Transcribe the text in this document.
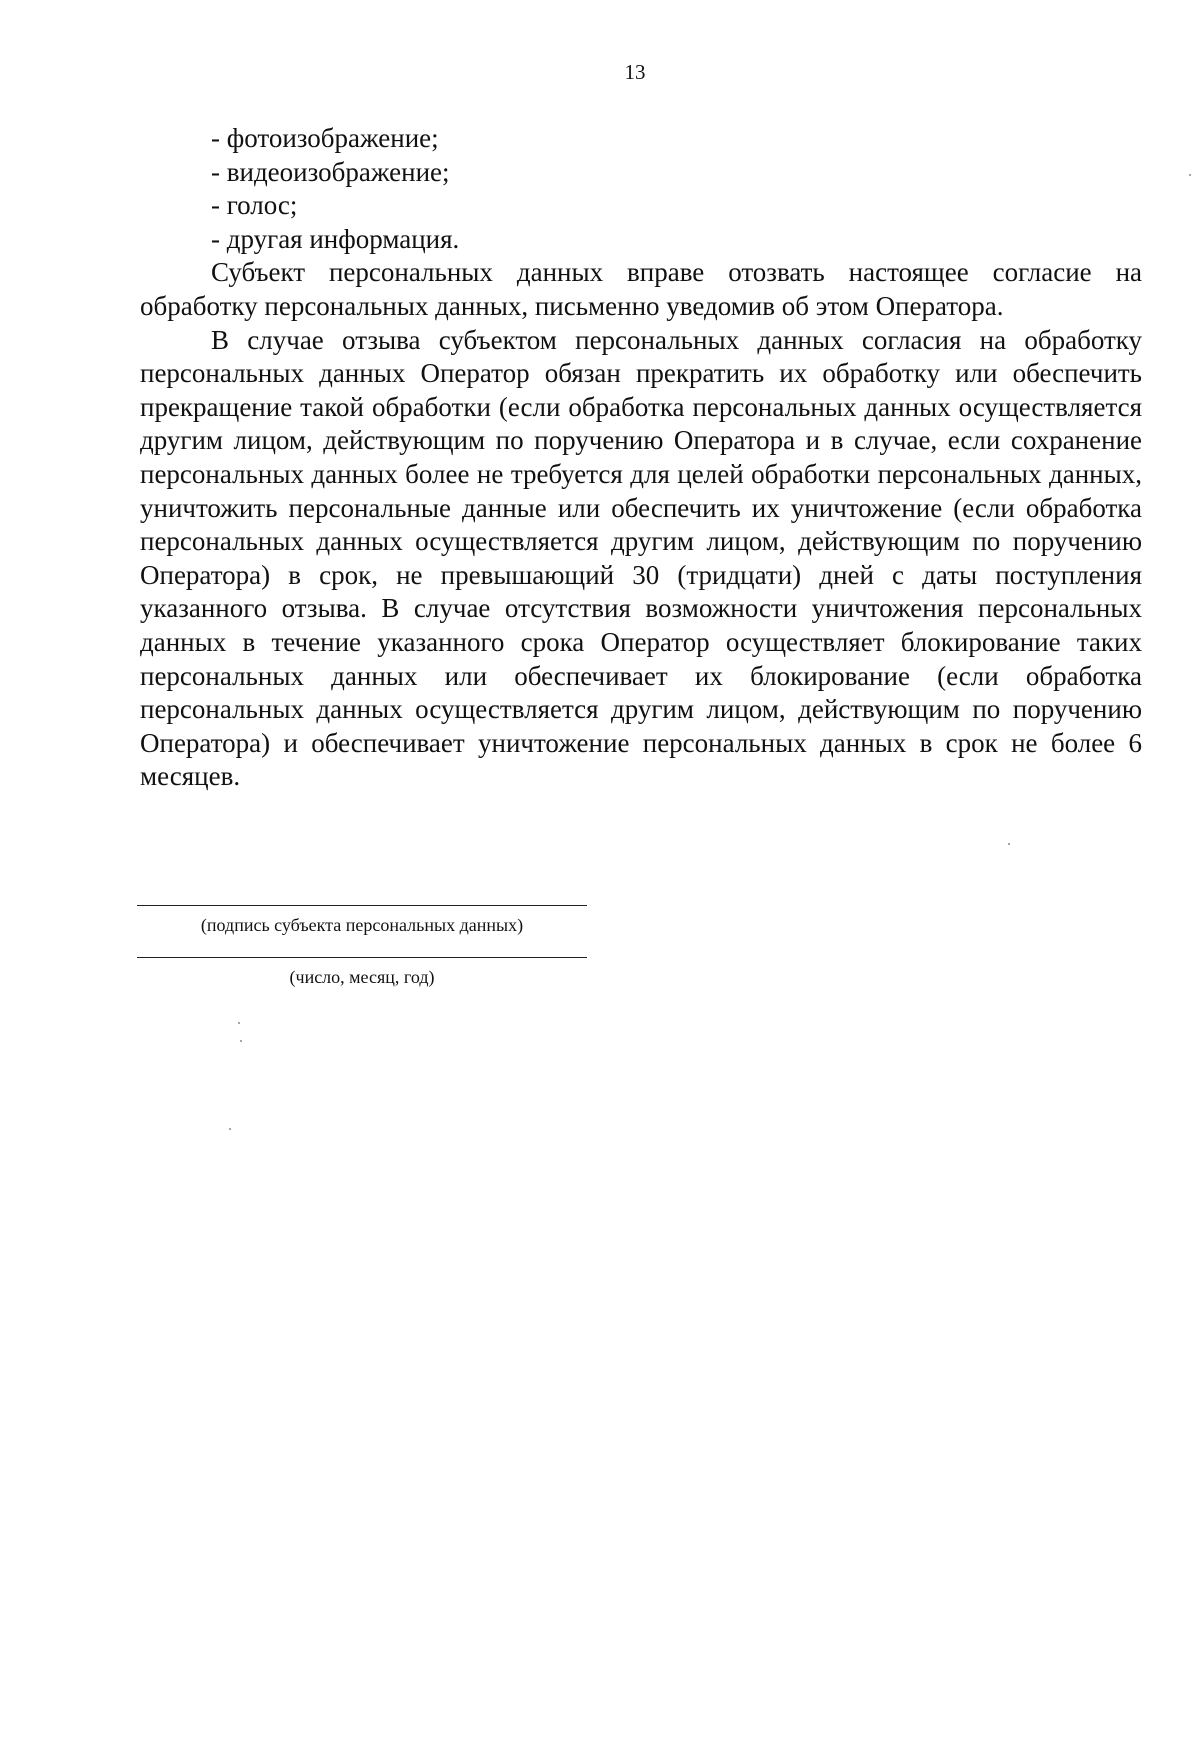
13
- фотоизображение;
- видеоизображение;
- голос;
- другая информация.

Субъект персональных данных вправе отозвать настоящее согласие на обработку персональных данных, письменно уведомив об этом Оператора.

В случае отзыва субъектом персональных данных согласия на обработку персональных данных Оператор обязан прекратить их обработку или обеспечить прекращение такой обработки (если обработка персональных данных осуществляется другим лицом, действующим по поручению Оператора и в случае, если сохранение персональных данных более не требуется для целей обработки персональных данных, уничтожить персональные данные или обеспечить их уничтожение (если обработка персональных данных осуществляется другим лицом, действующим по поручению Оператора) в срок, не превышающий 30 (тридцати) дней с даты поступления указанного отзыва. В случае отсутствия возможности уничтожения персональных данных в течение указанного срока Оператор осуществляет блокирование таких персональных данных или обеспечивает их блокирование (если обработка персональных данных осуществляется другим лицом, действующим по поручению Оператора) и обеспечивает уничтожение персональных данных в срок не более 6 месяцев.

(подпись субъекта персональных данных)
(число, месяц, год)
